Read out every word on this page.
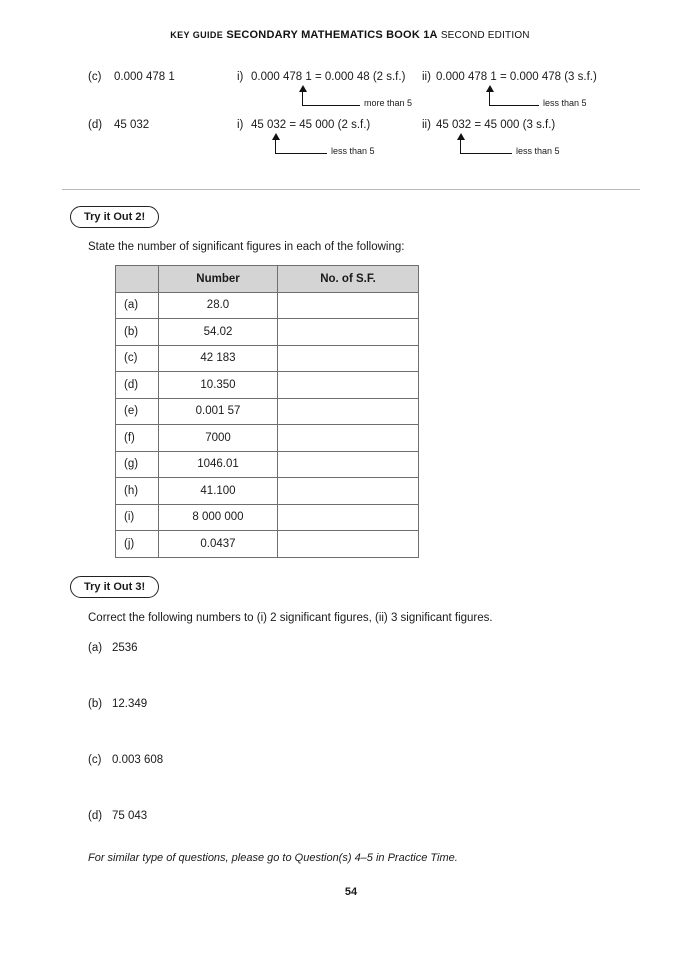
KEY GUIDE SECONDARY MATHEMATICS BOOK 1A SECOND EDITION
(c)	0.000 478 1	i) 0.000 478 1 = 0.000 48 (2 s.f.)
more than 5
ii) 0.000 478 1 = 0.000 478 (3 s.f.)
less than 5
(d)	45 032	i) 45 032 = 45 000 (2 s.f.)
less than 5
ii) 45 032 = 45 000 (3 s.f.)
less than 5
Try it Out 2!
State the number of significant figures in each of the following:
	Number	No. of S.F.
(a)	28.0	
(b)	54.02	
(c)	42 183	
(d)	10.350	
(e)	0.001 57	
(f)	7000	
(g)	1046.01	
(h)	41.100	
(i)	8 000 000	
(j)	0.0437	
Try it Out 3!
Correct the following numbers to (i) 2 significant figures, (ii) 3 significant figures.
(a) 2536
(b) 12.349
(c) 0.003 608
(d) 75 043
For similar type of questions, please go to Question(s) 4–5 in Practice Time.
54
